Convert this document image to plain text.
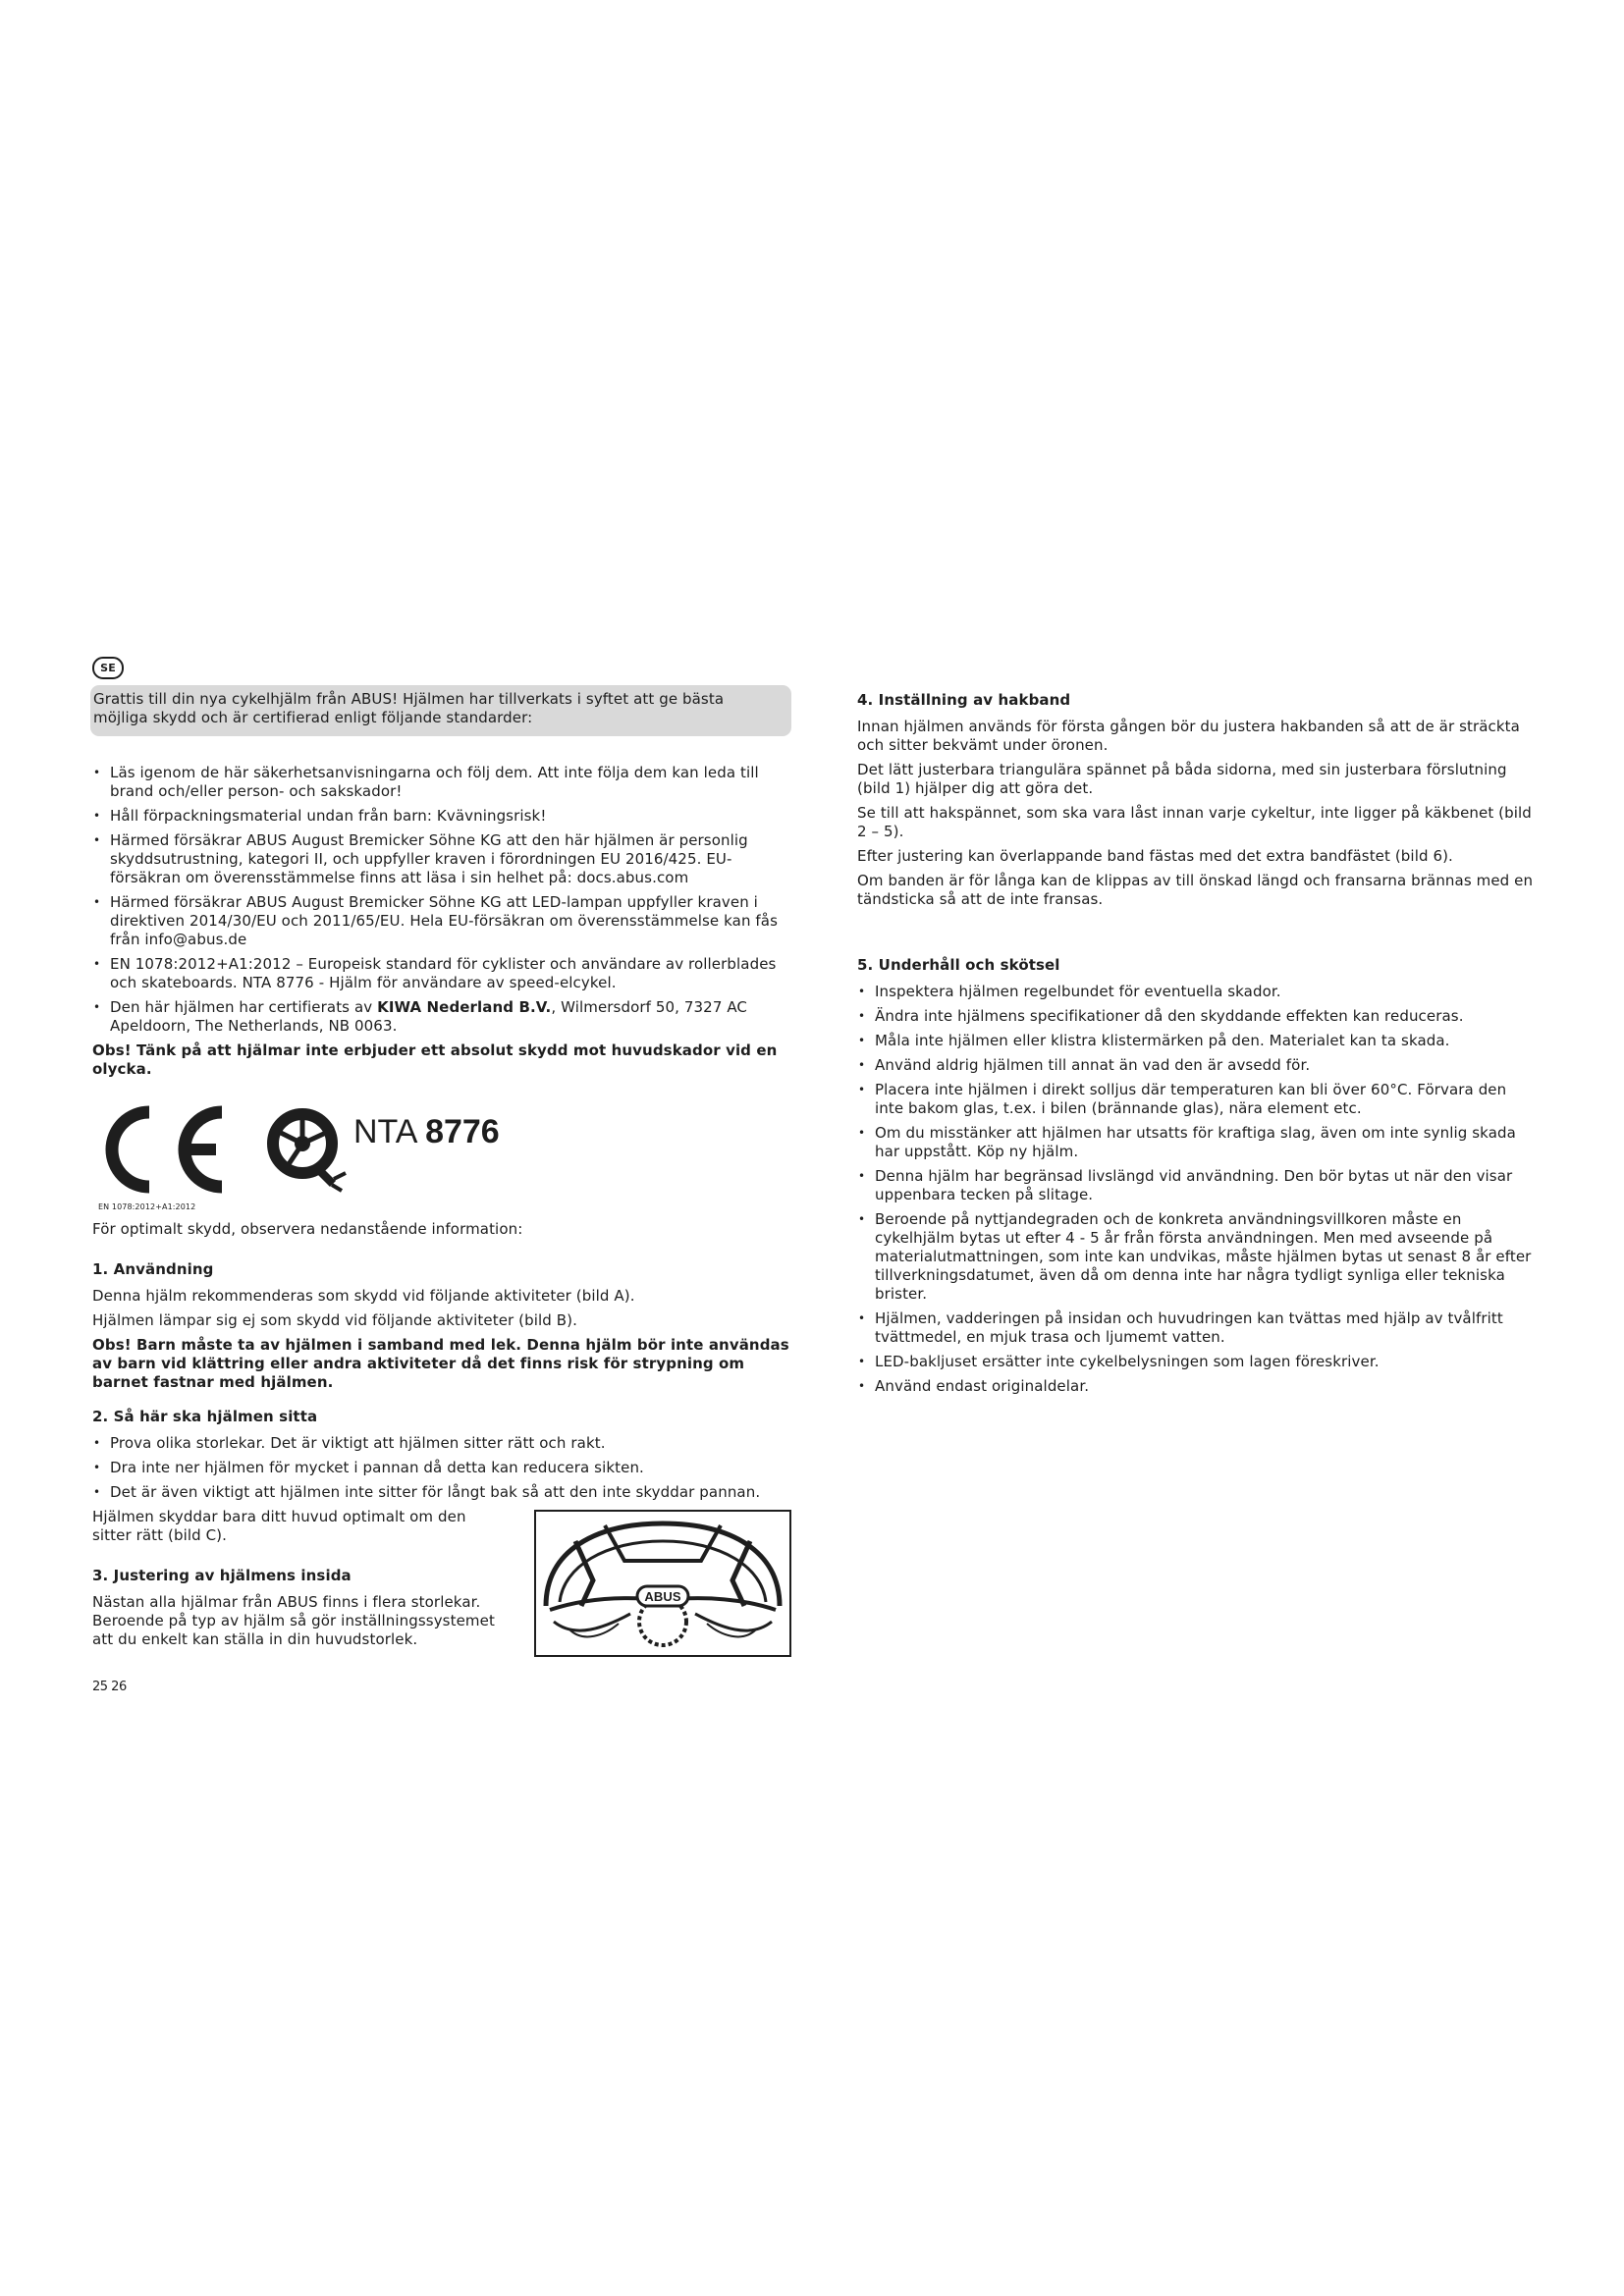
SE

Grattis till din nya cykelhjälm från ABUS! Hjälmen har tillverkats i syftet att ge bästa möjliga skydd och är certifierad enligt följande standarder:

• Läs igenom de här säkerhetsanvisningarna och följ dem. Att inte följa dem kan leda till brand och/eller person- och sakskador!
• Håll förpackningsmaterial undan från barn: Kvävningsrisk!
• Härmed försäkrar ABUS August Bremicker Söhne KG att den här hjälmen är personlig skyddsutrustning, kategori II, och uppfyller kraven i förordningen EU 2016/425. EU-försäkran om överensstämmelse finns att läsa i sin helhet på: docs.abus.com
• Härmed försäkrar ABUS August Bremicker Söhne KG att LED-lampan uppfyller kraven i direktiven 2014/30/EU och 2011/65/EU. Hela EU-försäkran om överensstämmelse kan fås från info@abus.de
• EN 1078:2012+A1:2012 – Europeisk standard för cyklister och användare av rollerblades och skateboards. NTA 8776 - Hjälm för användare av speed-elcykel.
• Den här hjälmen har certifierats av KIWA Nederland B.V., Wilmersdorf 50, 7327 AC Apeldoorn, The Netherlands, NB 0063.

Obs! Tänk på att hjälmar inte erbjuder ett absolut skydd mot huvudskador vid en olycka.

NTA 8776
EN 1078:2012+A1:2012

För optimalt skydd, observera nedanstående information:

1. Användning

Denna hjälm rekommenderas som skydd vid följande aktiviteter (bild A).

Hjälmen lämpar sig ej som skydd vid följande aktiviteter (bild B).

Obs! Barn måste ta av hjälmen i samband med lek. Denna hjälm bör inte användas av barn vid klättring eller andra aktiviteter då det finns risk för strypning om barnet fastnar med hjälmen.

2. Så här ska hjälmen sitta
• Prova olika storlekar. Det är viktigt att hjälmen sitter rätt och rakt.
• Dra inte ner hjälmen för mycket i pannan då detta kan reducera sikten.
• Det är även viktigt att hjälmen inte sitter för långt bak så att den inte skyddar pannan.

Hjälmen skyddar bara ditt huvud optimalt om den sitter rätt (bild C).

3. Justering av hjälmens insida

Nästan alla hjälmar från ABUS finns i flera storlekar. Beroende på typ av hjälm så gör inställningssystemet att du enkelt kan ställa in din huvudstorlek.

ABUS
4. Inställning av hakband

Innan hjälmen används för första gången bör du justera hakbanden så att de är sträckta och sitter bekvämt under öronen.

Det lätt justerbara triangulära spännet på båda sidorna, med sin justerbara förslutning (bild 1) hjälper dig att göra det.

Se till att hakspännet, som ska vara låst innan varje cykeltur, inte ligger på käkbenet (bild 2 – 5).

Efter justering kan överlappande band fästas med det extra bandfästet (bild 6).

Om banden är för långa kan de klippas av till önskad längd och fransarna brännas med en tändsticka så att de inte fransas.

5. Underhåll och skötsel
• Inspektera hjälmen regelbundet för eventuella skador.
• Ändra inte hjälmens specifikationer då den skyddande effekten kan reduceras.
• Måla inte hjälmen eller klistra klistermärken på den. Materialet kan ta skada.
• Använd aldrig hjälmen till annat än vad den är avsedd för.
• Placera inte hjälmen i direkt solljus där temperaturen kan bli över 60°C. Förvara den inte bakom glas, t.ex. i bilen (brännande glas), nära element etc.
• Om du misstänker att hjälmen har utsatts för kraftiga slag, även om inte synlig skada har uppstått. Köp ny hjälm.
• Denna hjälm har begränsad livslängd vid användning. Den bör bytas ut när den visar uppenbara tecken på slitage.
• Beroende på nyttjandegraden och de konkreta användningsvillkoren måste en cykelhjälm bytas ut efter 4 - 5 år från första användningen. Men med avseende på materialutmattningen, som inte kan undvikas, måste hjälmen bytas ut senast 8 år efter tillverkningsdatumet, även då om denna inte har några tydligt synliga eller tekniska brister.
• Hjälmen, vadderingen på insidan och huvudringen kan tvättas med hjälp av tvålfritt tvättmedel, en mjuk trasa och ljumemt vatten.
• LED-bakljuset ersätter inte cykelbelysningen som lagen föreskriver.
• Använd endast originaldelar.
25 26
